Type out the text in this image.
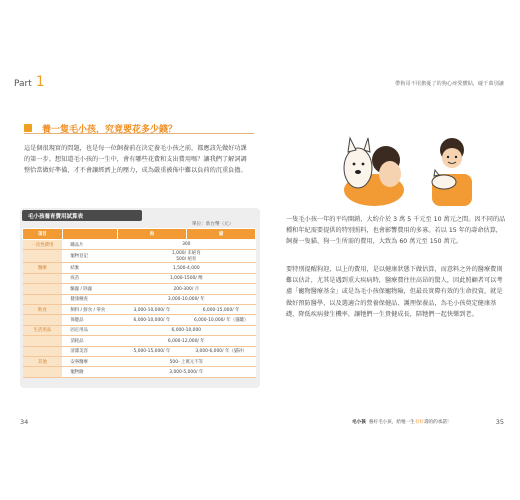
Part 1	帶狗哥不用擔憂了的狗心疼愛體貼，碰千萬別讓
養一隻毛小孩，究竟要花多少錢？
這是個很現實的問題，也是每一位飼養前在決定養毛小孩之前，都應該先做好功課的第一步。想知道毛小孩的一生中，會有哪些花費和支出費用嗎？讓我們了解詞調整恰當做好準備，才不會讓經濟上的壓力，成為嚴重被佈中難以負荷的沉重負擔。
毛小孩養育費用試算表
單位：新台幣（元）
項目		狗	貓
一次性費用	購品片	300	
	寵物登記	1,000/ 未絕育
500/ 絕育	
醫療	結紮	1,500-4,000	
	疫苗	1,000-1500/ 劑	
	驅蟲 / 除蟲	200-300/ 月	
	健康檢查	3,000-10,000/ 年	
飲食	飼料 / 鮮食 / 零食	3,000-10,000/ 年	6,000-15,000/ 年
	保健品	6,000-10,000/ 年	6,000-10,000/ 年（貓罐）
生活用品	固定用品	6,000-10,000	
	消耗品	6,000-12,000/ 年	
	清潔美容	5,000-15,000/ 年	3,000-6,000/ 年（貓砂）
其他	安寧醫療	500- 上萬元不等	
	寵物險	3,000-5,000/ 年	
一隻毛小孩一年的平均開銷，大約介於 3 萬 5 千元至 10 萬元之間。因不同的品種和年紀需要提供的特別照料，也會影響費用的多寡。若以 15 年的壽命估算，飼養一隻貓、狗一生所需的費用，大致為 60 萬元至 150 萬元。
要特別提醒狗迎，以上的費用，是以健康狀態下做估算，而意料之外的醫療費則難以估計，尤其是遇到重大疾病時，醫療費往往高昂的驚人，因此照顧者可以考慮「寵物醫療基金」或是為毛小孩保寵物險，但最長實際有效的生命投資，就是做好預防醫學，以及選適合的營養保健品、護理保養品，為毛小孩奠定健康基礎，降低疾病發生機率，讓牠們一生貴健成長，陪牠們一起快樂到老。
34	毛小孩 養好毛小孩，給牠一生有好壽的的承諾！	35
